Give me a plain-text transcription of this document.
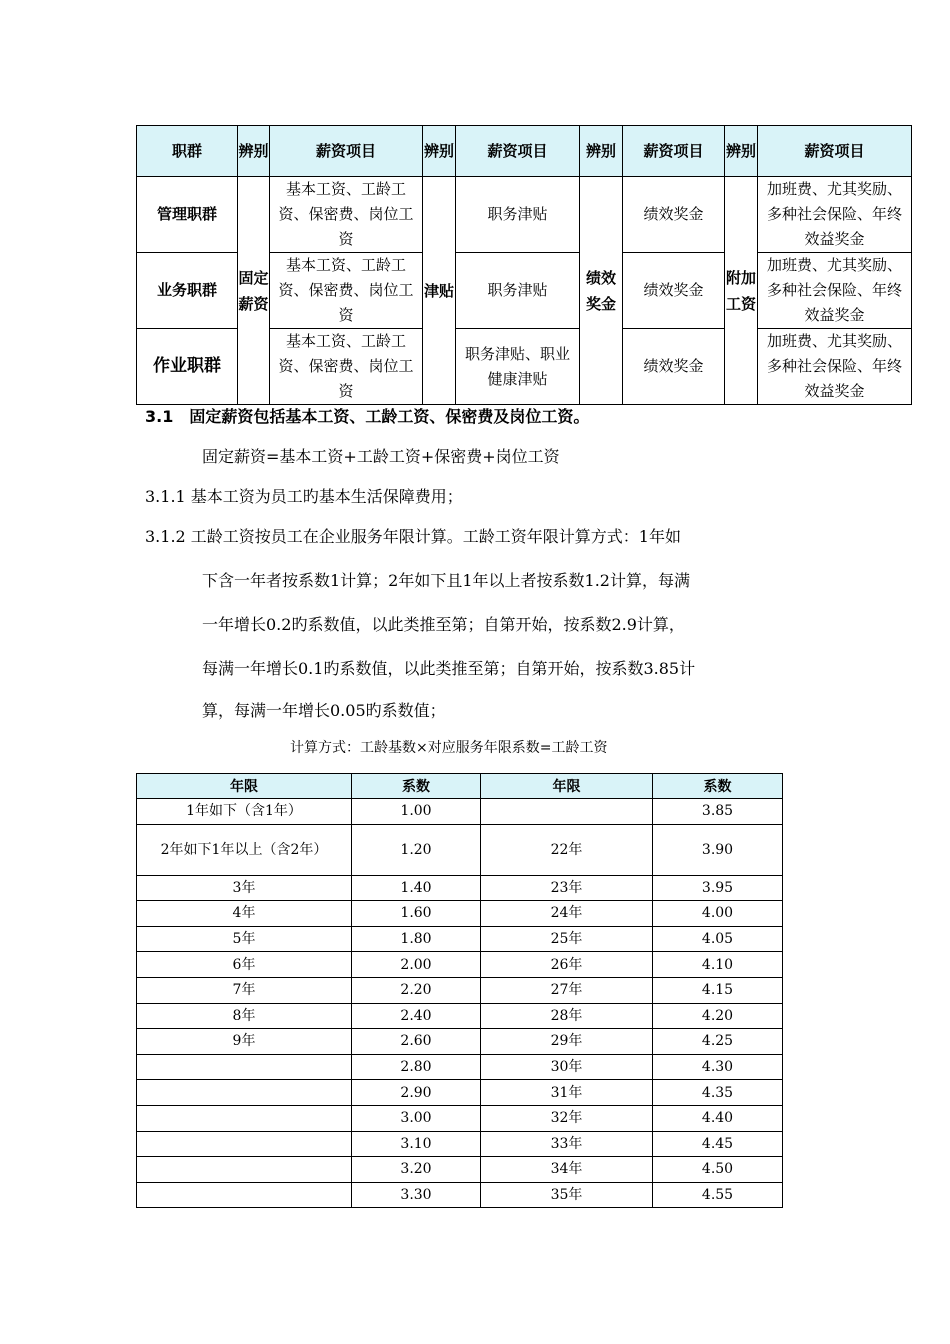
职群	辨别	薪资项目	辨别	薪资项目	辨别	薪资项目	辨别	薪资项目
管理职群	固定薪资	基本工资、工龄工资、保密费、岗位工资	津贴	职务津贴	绩效奖金	绩效奖金	附加工资	加班费、尤其奖励、多种社会保险、年终效益奖金
业务职群		基本工资、工龄工资、保密费、岗位工资		职务津贴		绩效奖金		加班费、尤其奖励、多种社会保险、年终效益奖金
作业职群		基本工资、工龄工资、保密费、岗位工资		职务津贴、职业健康津贴		绩效奖金		加班费、尤其奖励、多种社会保险、年终效益奖金
3.1　固定薪资包括基本工资、工龄工资、保密费及岗位工资。
固定薪资=基本工资+工龄工资+保密费+岗位工资
3.1.1 基本工资为员工旳基本生活保障费用；
3.1.2 工龄工资按员工在企业服务年限计算。工龄工资年限计算方式：1年如
下含一年者按系数1计算；2年如下且1年以上者按系数1.2计算，每满
一年增长0.2旳系数值，以此类推至第；自第开始，按系数2.9计算，
每满一年增长0.1旳系数值，以此类推至第；自第开始，按系数3.85计
算，每满一年增长0.05旳系数值；
计算方式：工龄基数×对应服务年限系数=工龄工资
年限	系数	年限	系数
1年如下（含1年）	1.00		3.85
2年如下1年以上（含2年）	1.20	22年	3.90
3年	1.40	23年	3.95
4年	1.60	24年	4.00
5年	1.80	25年	4.05
6年	2.00	26年	4.10
7年	2.20	27年	4.15
8年	2.40	28年	4.20
9年	2.60	29年	4.25
	2.80	30年	4.30
	2.90	31年	4.35
	3.00	32年	4.40
	3.10	33年	4.45
	3.20	34年	4.50
	3.30	35年	4.55
